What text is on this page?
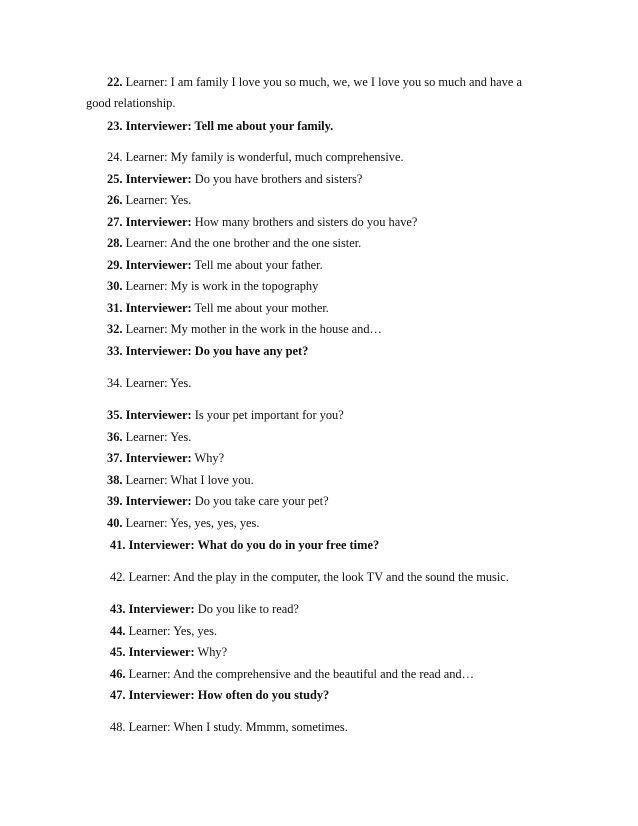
22. Learner: I am family I love you so much, we, we I love you so much and have a
good relationship.
23. Interviewer: Tell me about your family.
24. Learner: My family is wonderful, much comprehensive.
25. Interviewer: Do you have brothers and sisters?
26. Learner: Yes.
27. Interviewer: How many brothers and sisters do you have?
28. Learner: And the one brother and the one sister.
29. Interviewer: Tell me about your father.
30. Learner: My is work in the topography
31. Interviewer: Tell me about your mother.
32. Learner: My mother in the work in the house and…
33. Interviewer: Do you have any pet?
34. Learner: Yes.
35. Interviewer: Is your pet important for you?
36. Learner: Yes.
37. Interviewer: Why?
38. Learner: What I love you.
39. Interviewer: Do you take care your pet?
40. Learner: Yes, yes, yes, yes.
41. Interviewer: What do you do in your free time?
42. Learner: And the play in the computer, the look TV and the sound the music.
43. Interviewer: Do you like to read?
44. Learner: Yes, yes.
45. Interviewer: Why?
46. Learner: And the comprehensive and the beautiful and the read and…
47. Interviewer: How often do you study?
48. Learner: When I study. Mmmm, sometimes.
